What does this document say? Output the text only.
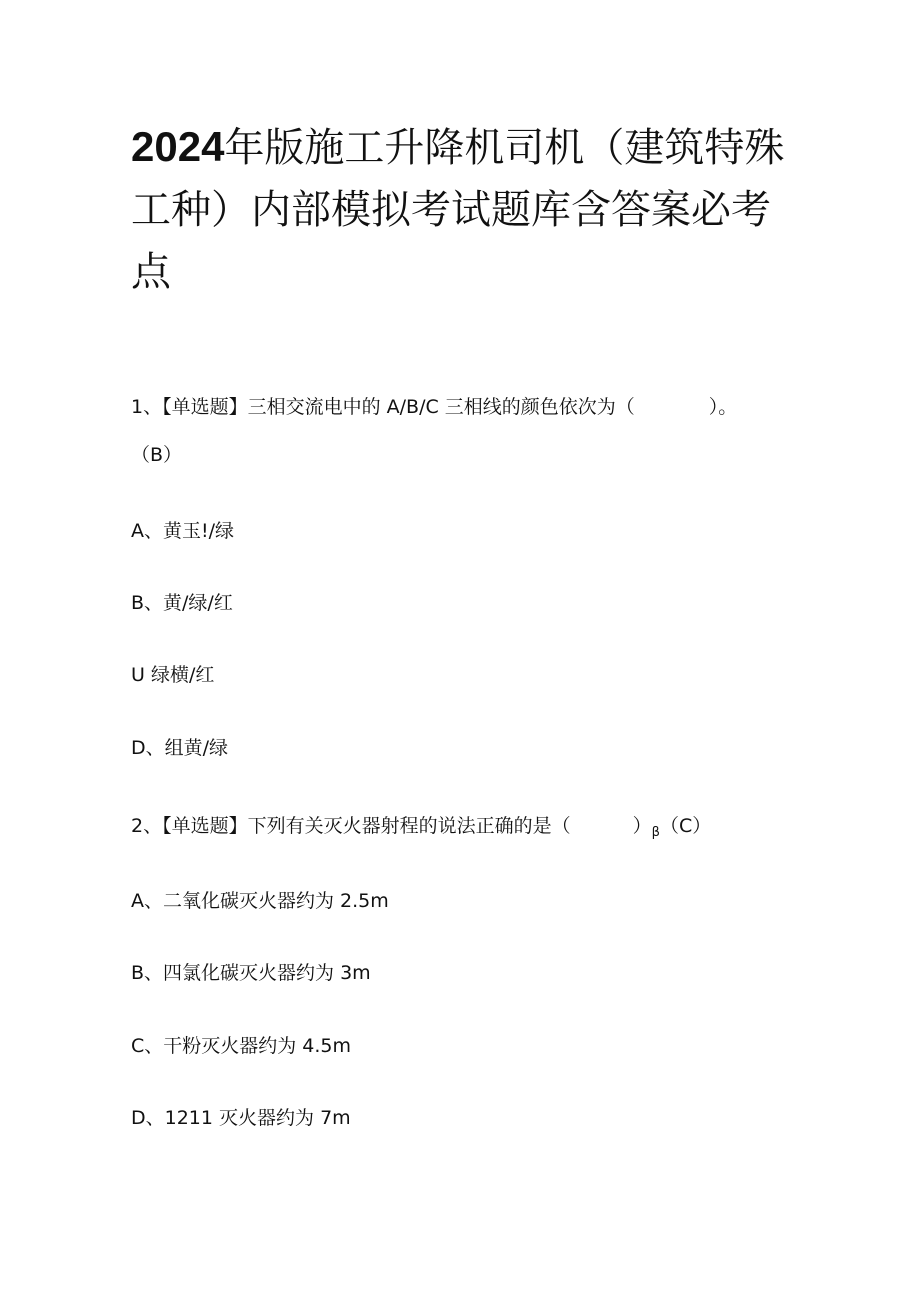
2024年版施工升降机司机（建筑特殊工种）内部模拟考试题库含答案必考点
1、【单选题】三相交流电中的 A/B/C 三相线的颜色依次为（	）。
（B）
A、黄玉!/绿
B、黄/绿/红
U 绿横/红
D、组黄/绿
2、【单选题】下列有关灭火器射程的说法正确的是（	）$_\beta(C)$
A、二氧化碳灭火器约为 2.5m
B、四氯化碳灭火器约为 3m
C、干粉灭火器约为 4.5m
D、1211 灭火器约为 7m
